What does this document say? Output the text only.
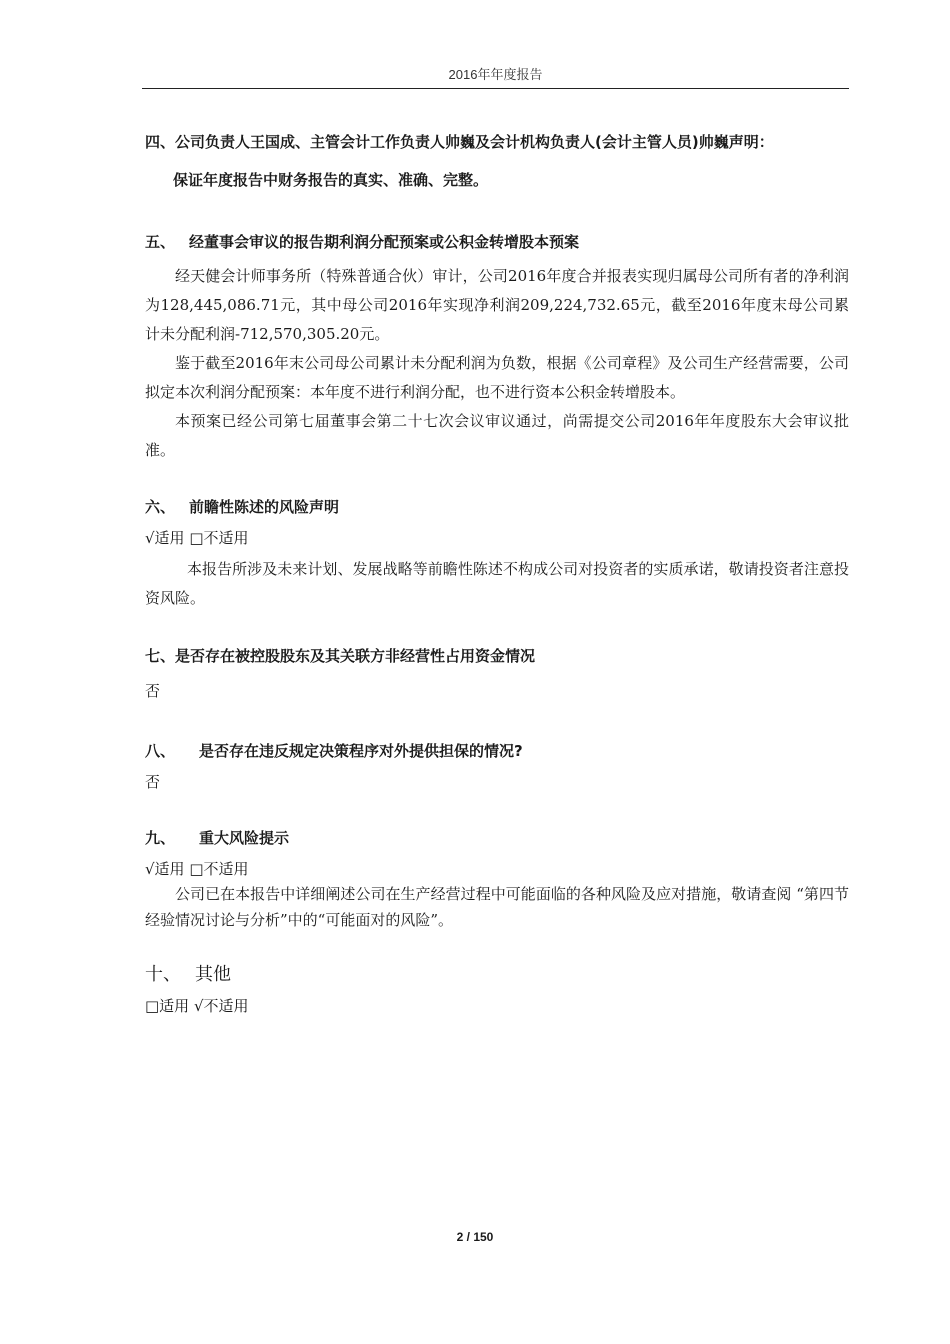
2016年年度报告
四、公司负责人王国成、主管会计工作负责人帅巍及会计机构负责人(会计主管人员)帅巍声明：
保证年度报告中财务报告的真实、准确、完整。
五、 经董事会审议的报告期利润分配预案或公积金转增股本预案
经天健会计师事务所（特殊普通合伙）审计，公司2016年度合并报表实现归属母公司所有者的净利润为128,445,086.71元，其中母公司2016年实现净利润209,224,732.65元，截至2016年度末母公司累计未分配利润-712,570,305.20元。
鉴于截至2016年末公司母公司累计未分配利润为负数，根据《公司章程》及公司生产经营需要，公司拟定本次利润分配预案：本年度不进行利润分配，也不进行资本公积金转增股本。
本预案已经公司第七届董事会第二十七次会议审议通过，尚需提交公司2016年年度股东大会审议批准。
六、 前瞻性陈述的风险声明
√适用 □不适用
本报告所涉及未来计划、发展战略等前瞻性陈述不构成公司对投资者的实质承诺，敬请投资者注意投资风险。
七、是否存在被控股股东及其关联方非经营性占用资金情况
否
八、 是否存在违反规定决策程序对外提供担保的情况?
否
九、 重大风险提示
√适用 □不适用
公司已在本报告中详细阐述公司在生产经营过程中可能面临的各种风险及应对措施，敬请查阅 “第四节经验情况讨论与分析”中的“可能面对的风险”。
十、 其他
□适用 √不适用
2 / 150
